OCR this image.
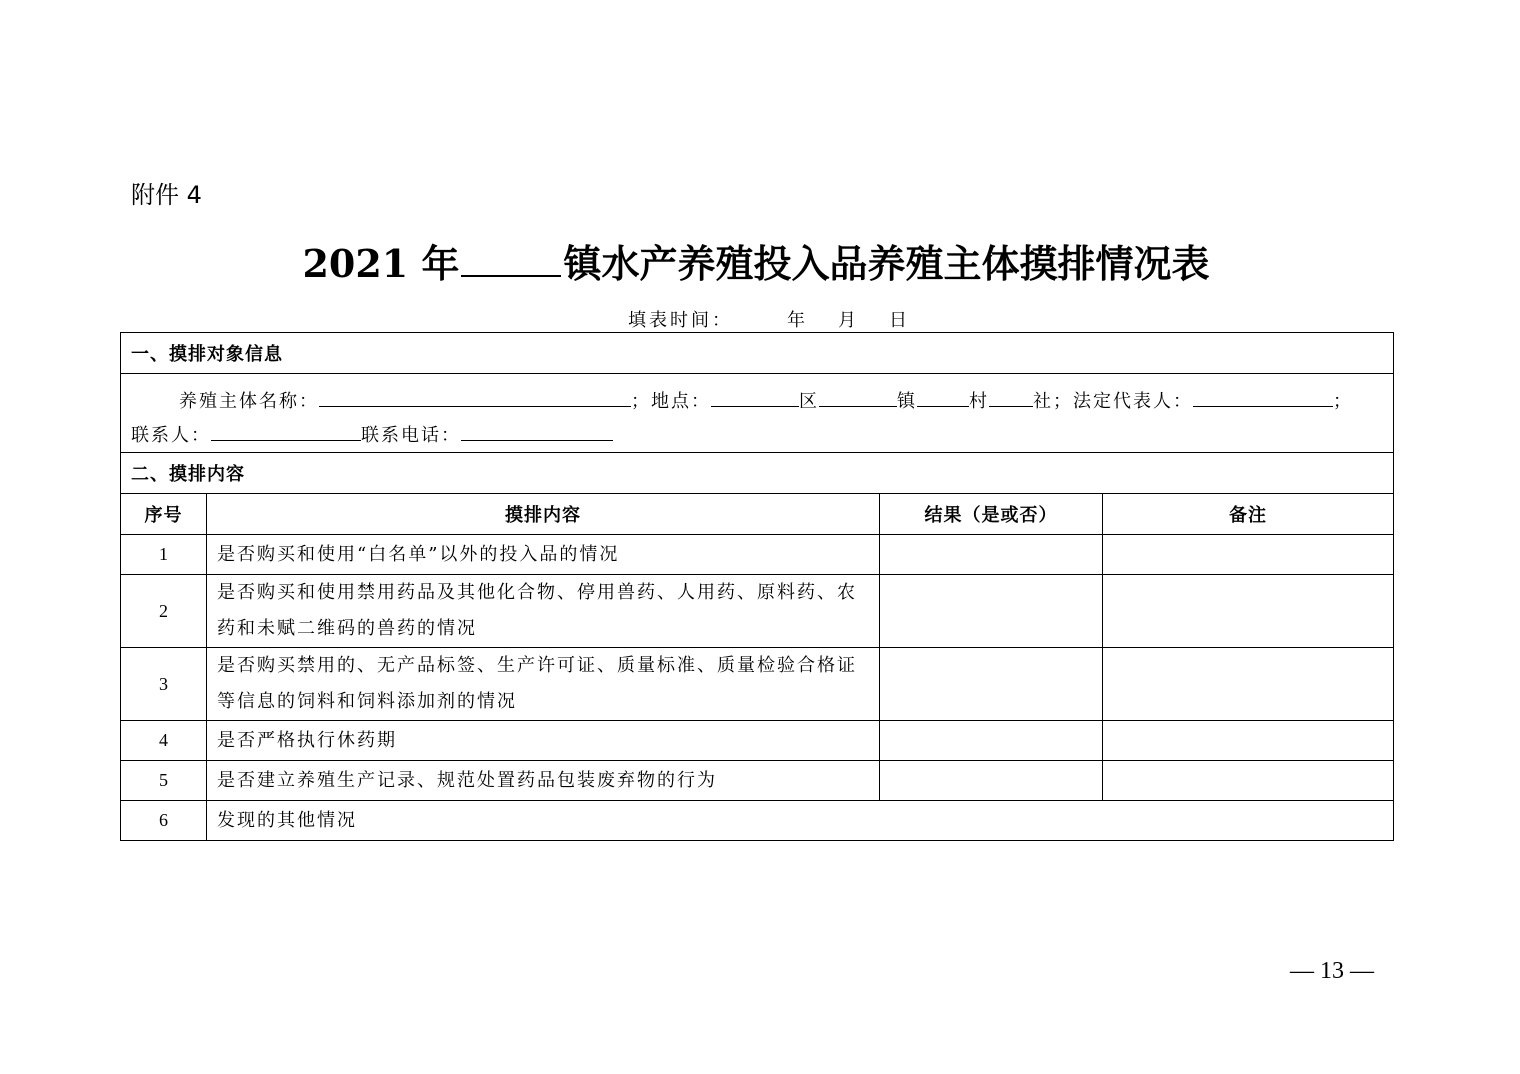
附件 4
2021 年	镇水产养殖投入品养殖主体摸排情况表
填表时间：	年 月 日
一、摸排对象信息			

养殖主体名称： ；地点： 区 镇 村 社；法定代表人： ；
联系人： 联系电话：			

二、摸排内容			
序号	摸排内容	结果（是或否）	备注
1	是否购买和使用“白名单”以外的投入品的情况		
2	是否购买和使用禁用药品及其他化合物、停用兽药、人用药、原料药、农药和未赋二维码的兽药的情况		
3	是否购买禁用的、无产品标签、生产许可证、质量标准、质量检验合格证等信息的饲料和饲料添加剂的情况		
4	是否严格执行休药期		
5	是否建立养殖生产记录、规范处置药品包装废弃物的行为		
6	发现的其他情况		
— 13 —
